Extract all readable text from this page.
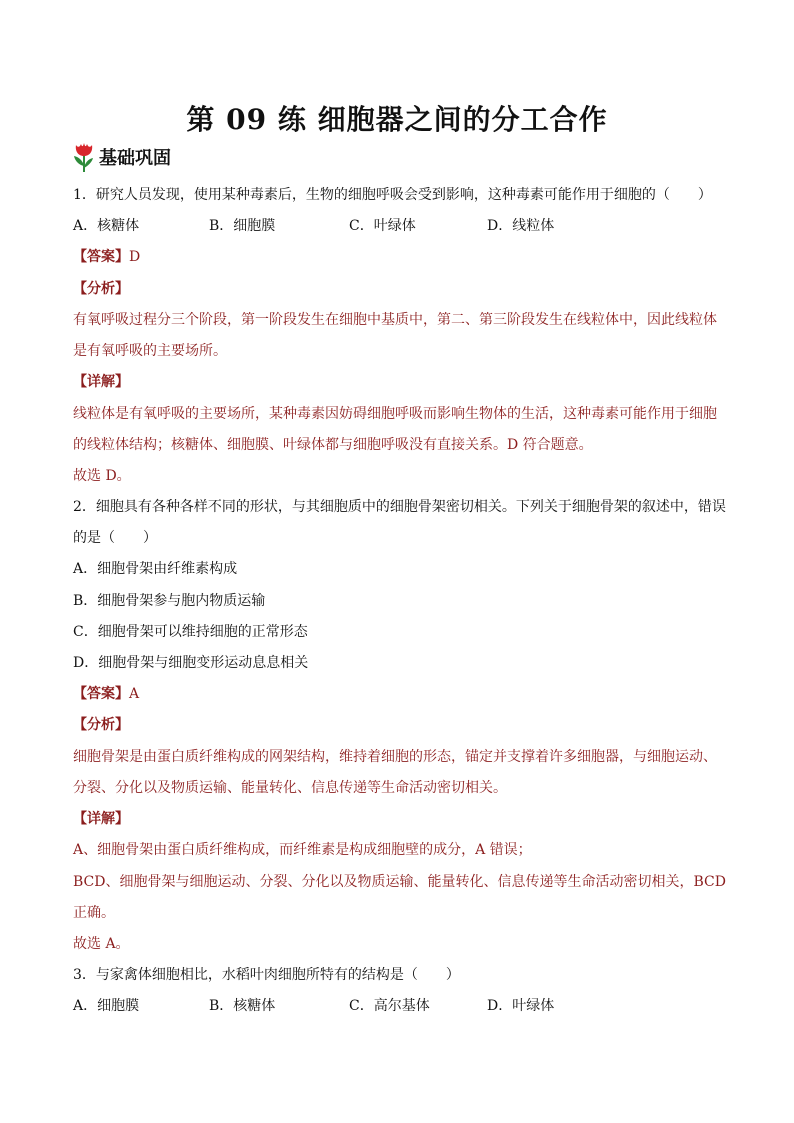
第 09 练 细胞器之间的分工合作
基础巩固
1．研究人员发现，使用某种毒素后，生物的细胞呼吸会受到影响，这种毒素可能作用于细胞的（　　）
A．核糖体	B．细胞膜	C．叶绿体	D．线粒体
【答案】D
【分析】
有氧呼吸过程分三个阶段，第一阶段发生在细胞中基质中，第二、第三阶段发生在线粒体中，因此线粒体
是有氧呼吸的主要场所。
【详解】
线粒体是有氧呼吸的主要场所，某种毒素因妨碍细胞呼吸而影响生物体的生活，这种毒素可能作用于细胞
的线粒体结构；核糖体、细胞膜、叶绿体都与细胞呼吸没有直接关系。D 符合题意。
故选 D。
2．细胞具有各种各样不同的形状，与其细胞质中的细胞骨架密切相关。下列关于细胞骨架的叙述中，错误
的是（　　）
A．细胞骨架由纤维素构成
B．细胞骨架参与胞内物质运输
C．细胞骨架可以维持细胞的正常形态
D．细胞骨架与细胞变形运动息息相关
【答案】A
【分析】
细胞骨架是由蛋白质纤维构成的网架结构，维持着细胞的形态，锚定并支撑着许多细胞器，与细胞运动、
分裂、分化以及物质运输、能量转化、信息传递等生命活动密切相关。
【详解】
A、细胞骨架由蛋白质纤维构成，而纤维素是构成细胞壁的成分，A 错误；
BCD、细胞骨架与细胞运动、分裂、分化以及物质运输、能量转化、信息传递等生命活动密切相关，BCD
正确。
故选 A。
3．与家禽体细胞相比，水稻叶肉细胞所特有的结构是（　　）
A．细胞膜	B．核糖体	C．高尔基体	D．叶绿体
